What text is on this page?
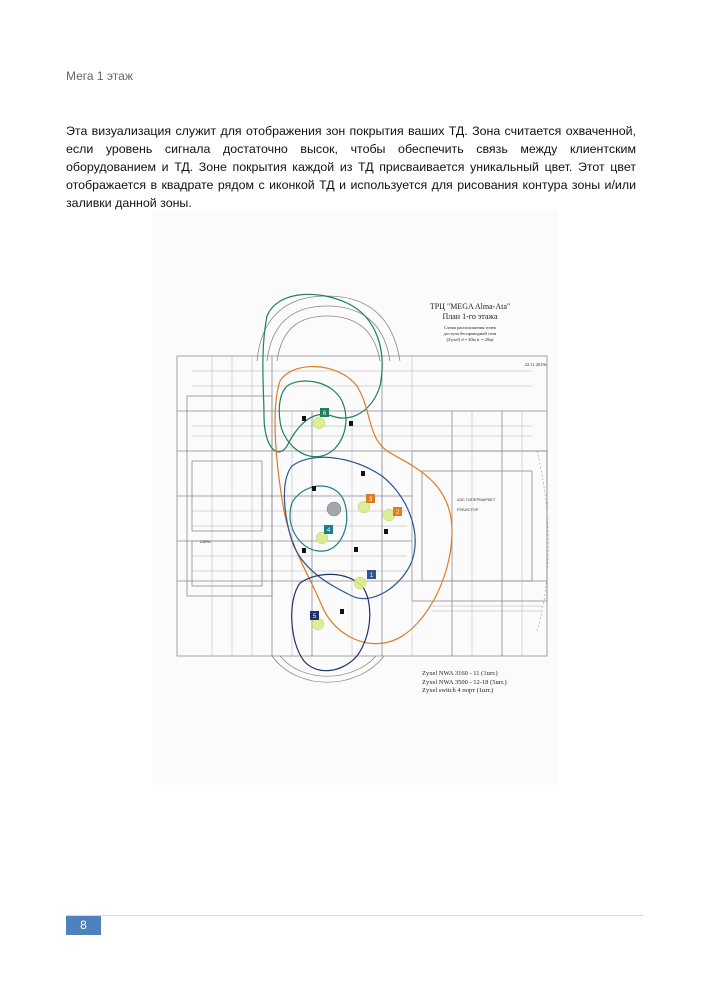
Мега 1 этаж
Эта визуализация служит для отображения зон покрытия ваших ТД. Зона считается охваченной, если уровень сигнала достаточно высок, чтобы обеспечить связь между клиентским оборудованием и ТД. Зоне покрытия каждой из ТД присваивается уникальный цвет. Этот цвет отображается в квадрате рядом с иконкой ТД и используется для рисования контура зоны и/или заливки данной зоны.
6
3
2
4
1
5
ТРЦ "MEGA Alma-Ata"
План 1-го этажа
Схема расположения точек
доступа беспроводной сети
(Zyxel) d = 40м (r = 20м)
22.11.2019г.
АЗС ГИПЕРМАРКЕТ
РУБИСТОР
ZARA
Zyxel NWA 3160 - 11 (1шт.)
Zyxel NWA 3500 - 12-18 (5шт.)
Zyxel switch 4 порт (1шт.)
8
